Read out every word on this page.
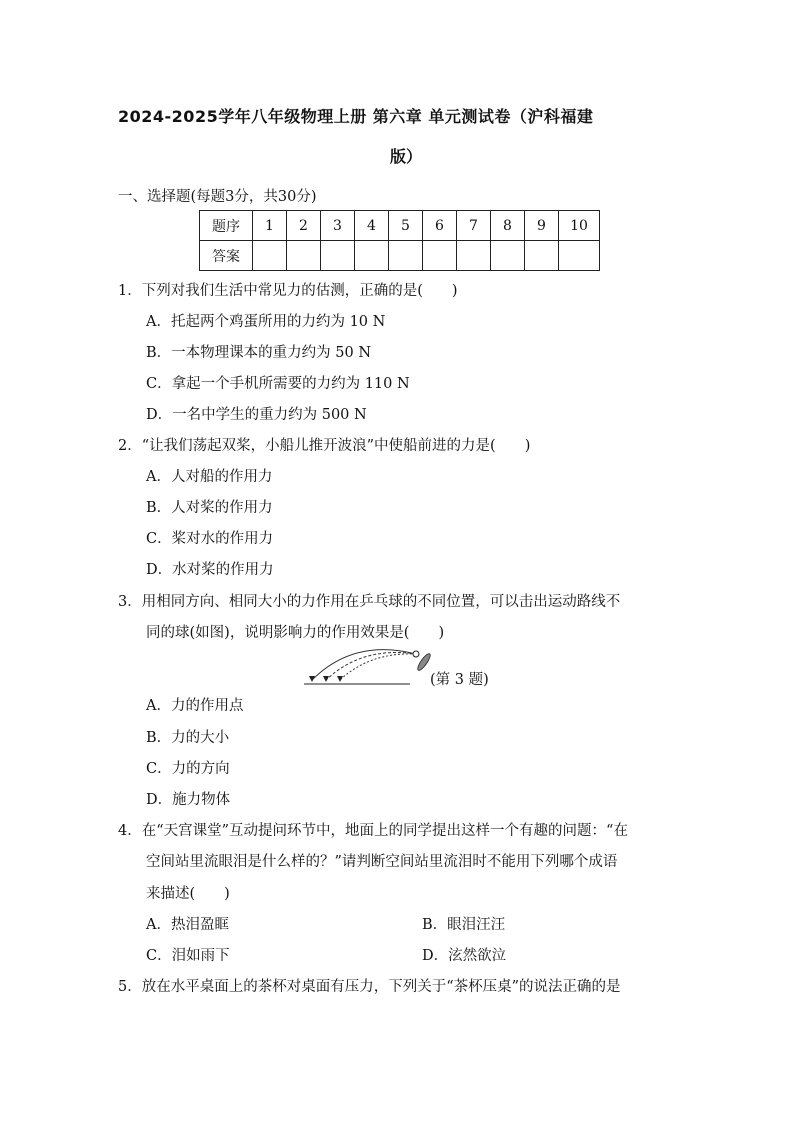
2024-2025学年八年级物理上册 第六章 单元测试卷（沪科福建
版）
一、选择题(每题3分，共30分)
题序	1	2	3	4	5	6	7	8	9	10
答案										
1．下列对我们生活中常见力的估测，正确的是(　　)
A．托起两个鸡蛋所用的力约为 10 N
B．一本物理课本的重力约为 50 N
C．拿起一个手机所需要的力约为 110 N
D．一名中学生的重力约为 500 N
2．“让我们荡起双桨，小船儿推开波浪”中使船前进的力是(　　)
A．人对船的作用力
B．人对桨的作用力
C．桨对水的作用力
D．水对桨的作用力
3．用相同方向、相同大小的力作用在乒乓球的不同位置，可以击出运动路线不
同的球(如图)，说明影响力的作用效果是(　　)
(第 3 题)
A．力的作用点
B．力的大小
C．力的方向
D．施力物体
4．在“天宫课堂”互动提问环节中，地面上的同学提出这样一个有趣的问题：“在
空间站里流眼泪是什么样的？”请判断空间站里流泪时不能用下列哪个成语
来描述(　　)
A．热泪盈眶	B．眼泪汪汪
C．泪如雨下	D．泫然欲泣
5．放在水平桌面上的茶杯对桌面有压力，下列关于“茶杯压桌”的说法正确的是
